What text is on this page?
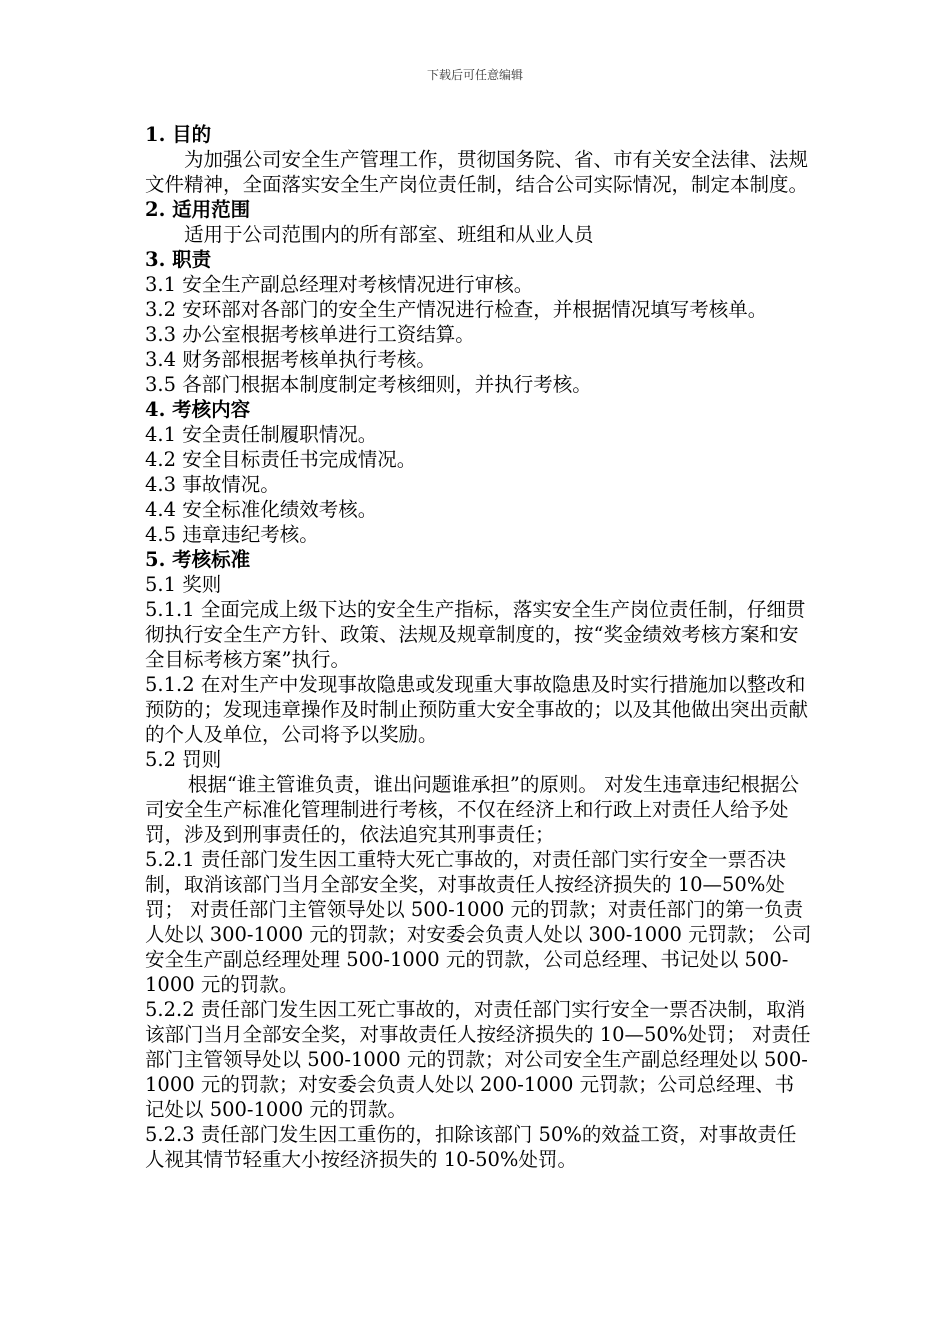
下载后可任意编辑

1. 目的

为加强公司安全生产管理工作，贯彻国务院、省、市有关安全法律、法规文件精神，全面落实安全生产岗位责任制，结合公司实际情况，制定本制度。

2. 适用范围

适用于公司范围内的所有部室、班组和从业人员

3. 职责

3.1 安全生产副总经理对考核情况进行审核。

3.2 安环部对各部门的安全生产情况进行检查，并根据情况填写考核单。

3.3 办公室根据考核单进行工资结算。

3.4 财务部根据考核单执行考核。

3.5 各部门根据本制度制定考核细则，并执行考核。

4. 考核内容

4.1 安全责任制履职情况。

4.2 安全目标责任书完成情况。

4.3 事故情况。

4.4 安全标准化绩效考核。

4.5 违章违纪考核。

5. 考核标准

5.1 奖则

5.1.1 全面完成上级下达的安全生产指标，落实安全生产岗位责任制，仔细贯彻执行安全生产方针、政策、法规及规章制度的，按“奖金绩效考核方案和安全目标考核方案”执行。

5.1.2 在对生产中发现事故隐患或发现重大事故隐患及时实行措施加以整改和预防的；发现违章操作及时制止预防重大安全事故的；以及其他做出突出贡献的个人及单位，公司将予以奖励。

5.2 罚则

根据“谁主管谁负责，谁出问题谁承担”的原则。 对发生违章违纪根据公司安全生产标准化管理制进行考核，不仅在经济上和行政上对责任人给予处罚，涉及到刑事责任的，依法追究其刑事责任；

5.2.1 责任部门发生因工重特大死亡事故的，对责任部门实行安全一票否决制，取消该部门当月全部安全奖，对事故责任人按经济损失的 10—50%处罚； 对责任部门主管领导处以 500-1000 元的罚款；对责任部门的第一负责人处以 300-1000 元的罚款；对安委会负责人处以 300-1000 元罚款； 公司安全生产副总经理处理 500-1000 元的罚款，公司总经理、书记处以 500-1000 元的罚款。

5.2.2 责任部门发生因工死亡事故的，对责任部门实行安全一票否决制，取消该部门当月全部安全奖，对事故责任人按经济损失的 10—50%处罚； 对责任部门主管领导处以 500-1000 元的罚款；对公司安全生产副总经理处以 500-1000 元的罚款；对安委会负责人处以 200-1000 元罚款；公司总经理、书记处以 500-1000 元的罚款。

5.2.3 责任部门发生因工重伤的，扣除该部门 50%的效益工资，对事故责任人视其情节轻重大小按经济损失的 10-50%处罚。
